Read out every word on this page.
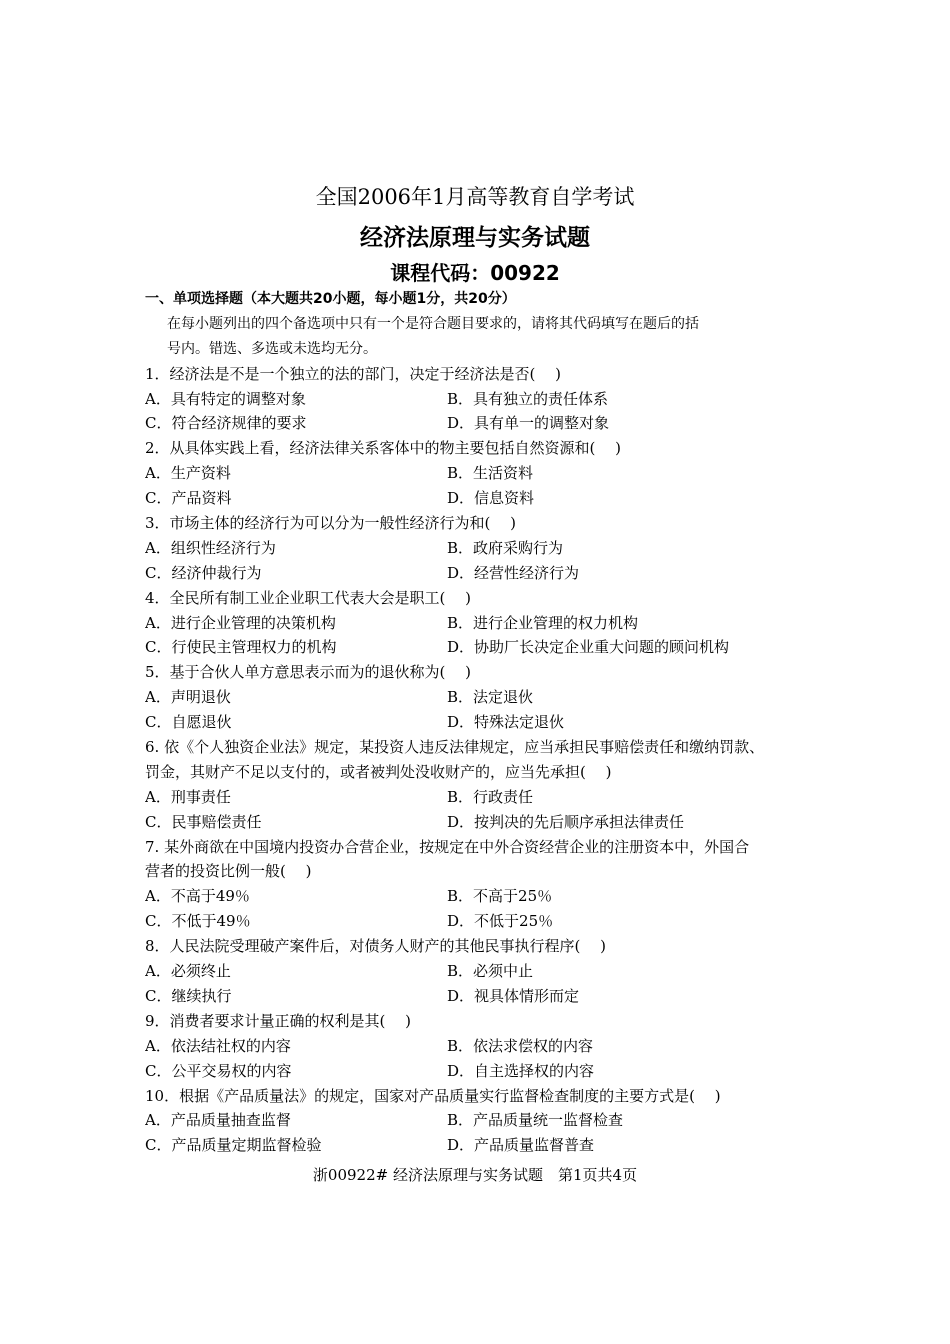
全国2006年1月高等教育自学考试
经济法原理与实务试题
课程代码：00922
一、单项选择题（本大题共20小题，每小题1分，共20分）
在每小题列出的四个备选项中只有一个是符合题目要求的，请将其代码填写在题后的括
号内。错选、多选或未选均无分。
1．经济法是不是一个独立的法的部门，决定于经济法是否(　 )
A．具有特定的调整对象	B．具有独立的责任体系
C．符合经济规律的要求	D．具有单一的调整对象
2．从具体实践上看，经济法律关系客体中的物主要包括自然资源和(　 )
A．生产资料	B．生活资料
C．产品资料	D．信息资料
3．市场主体的经济行为可以分为一般性经济行为和(　 )
A．组织性经济行为	B．政府采购行为
C．经济仲裁行为	D．经营性经济行为
4．全民所有制工业企业职工代表大会是职工(　 )
A．进行企业管理的决策机构	B．进行企业管理的权力机构
C．行使民主管理权力的机构	D．协助厂长决定企业重大问题的顾问机构
5．基于合伙人单方意思表示而为的退伙称为(　 )
A．声明退伙	B．法定退伙
C．自愿退伙	D．特殊法定退伙
6. 依《个人独资企业法》规定，某投资人违反法律规定，应当承担民事赔偿责任和缴纳罚款、
罚金，其财产不足以支付的，或者被判处没收财产的，应当先承担(　 )
A．刑事责任	B．行政责任
C．民事赔偿责任	D．按判决的先后顺序承担法律责任
7. 某外商欲在中国境内投资办合营企业，按规定在中外合资经营企业的注册资本中，外国合
营者的投资比例一般(　 )
A．不高于49％	B．不高于25％
C．不低于49％	D．不低于25％
8．人民法院受理破产案件后，对债务人财产的其他民事执行程序(　 )
A．必须终止	B．必须中止
C．继续执行	D．视具体情形而定
9．消费者要求计量正确的权利是其(　 )
A．依法结社权的内容	B．依法求偿权的内容
C．公平交易权的内容	D．自主选择权的内容
10．根据《产品质量法》的规定，国家对产品质量实行监督检查制度的主要方式是(　 )
A．产品质量抽查监督	B．产品质量统一监督检查
C．产品质量定期监督检验	D．产品质量监督普查
浙00922# 经济法原理与实务试题　第1页共4页
